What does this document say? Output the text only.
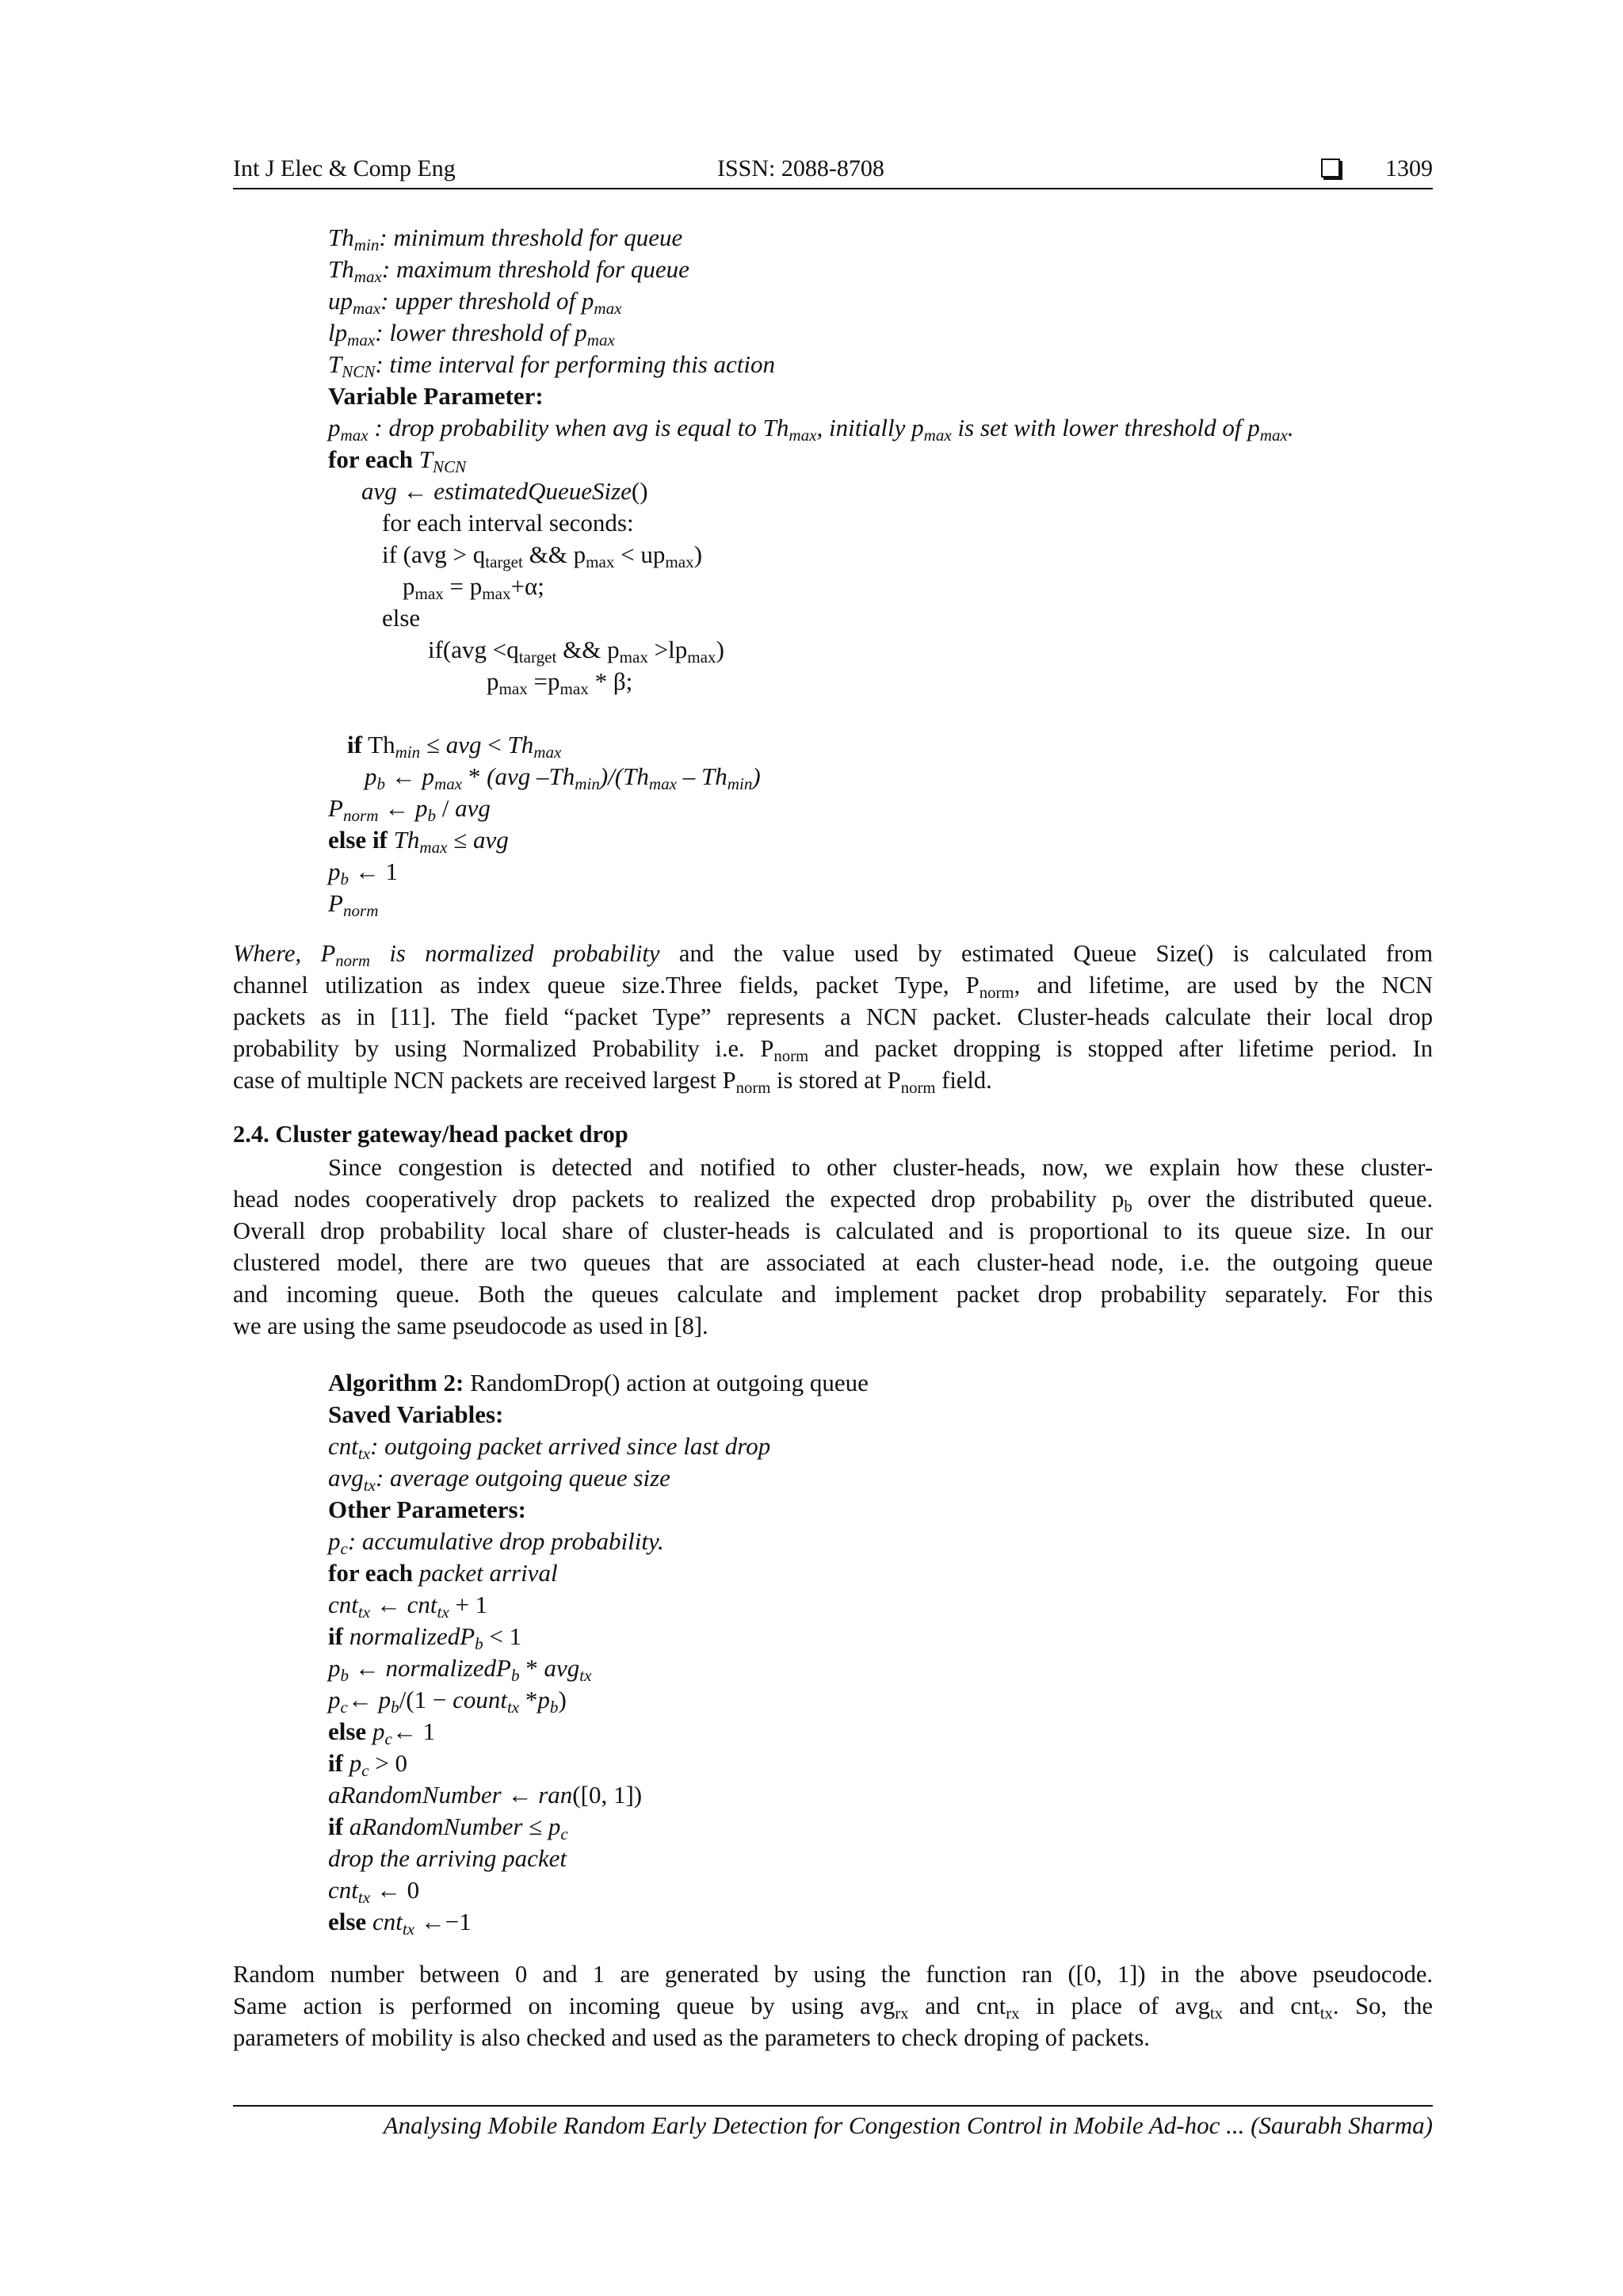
Int J Elec & Comp Eng	ISSN: 2088-8708	1309
$Th_{min}$: minimum threshold for queue
$Th_{max}$: maximum threshold for queue
$up_{max}$: upper threshold of $p_{max}$
$lp_{max}$: lower threshold of $p_{max}$
$T_{NCN}$: time interval for performing this action
Variable Parameter:
$p_{max}$ : drop probability when avg is equal to $Th_{max}$, initially $p_{max}$ is set with lower threshold of $p_{max}$.
for each $T_{NCN}$
avg ← estimatedQueueSize()
for each interval seconds:
if ($avg > q_{target}$ && $p_{max} < up_{max}$)
$p_{max} = p_{max}+\alpha$;
else
$if(avg <q_{target}$ && $p_{max} >lp_{max}$)
$p_{max} =p_{max} * \beta$;
if $Th_{min}$ ≤ avg < $Th_{max}$
$p_b$ ← $p_{max} * (avg$ $-Th_{min})/(Th_{max} - Th_{min})$
$P_{norm}$ ← $p_b$ / avg
else if $Th_{max}$ ≤ avg
$p_b$ ← 1
$P_{norm}$
Where, $P_{norm}$ is normalized probability and the value used by estimated Queue Size() is calculated from
channel utilization as index queue size.Three fields, packet Type, $P_{norm}$, and lifetime, are used by the NCN
packets as in [11]. The field “packet Type” represents a NCN packet. Cluster-heads calculate their local drop
probability by using Normalized Probability i.e. $P_{norm}$ and packet dropping is stopped after lifetime period. In
case of multiple NCN packets are received largest $P_{norm}$ is stored at $P_{norm}$ field.
2.4. Cluster gateway/head packet drop
Since congestion is detected and notified to other cluster-heads, now, we explain how these cluster-
head nodes cooperatively drop packets to realized the expected drop probability $p_b$ over the distributed queue.
Overall drop probability local share of cluster-heads is calculated and is proportional to its queue size. In our
clustered model, there are two queues that are associated at each cluster-head node, i.e. the outgoing queue
and incoming queue. Both the queues calculate and implement packet drop probability separately. For this
we are using the same pseudocode as used in [8].
Algorithm 2: RandomDrop() action at outgoing queue
Saved Variables:
cnt$_{tx}$: outgoing packet arrived since last drop
avg$_{tx}$: average outgoing queue size
Other Parameters:
$p_c$: accumulative drop probability.
for each packet arrival
cnt$_{tx}$ ← cnt$_{tx}$ + 1
if normalizedP$_b$ < 1
$p_b$ ← normalizedP$_b$ * avg$_{tx}$
$p_c\leftarrow$ $p_b/(1$ − count$_{tx}$ $*p_b$)
else $p_c\leftarrow$ 1
if $p_c > 0$
aRandomNumber ← ran([0, 1])
if aRandomNumber ≤ $p_c$
drop the arriving packet
cnt$_{tx}$ ← 0
else cnt$_{tx}$ ←−1
Random number between 0 and 1 are generated by using the function ran ([0, 1]) in the above pseudocode.
Same action is performed on incoming queue by using avg$_{rx}$ and cnt$_{rx}$ in place of avg$_{tx}$ and cnt$_{tx}$. So, the
parameters of mobility is also checked and used as the parameters to check droping of packets.
Analysing Mobile Random Early Detection for Congestion Control in Mobile Ad-hoc ... (Saurabh Sharma)
